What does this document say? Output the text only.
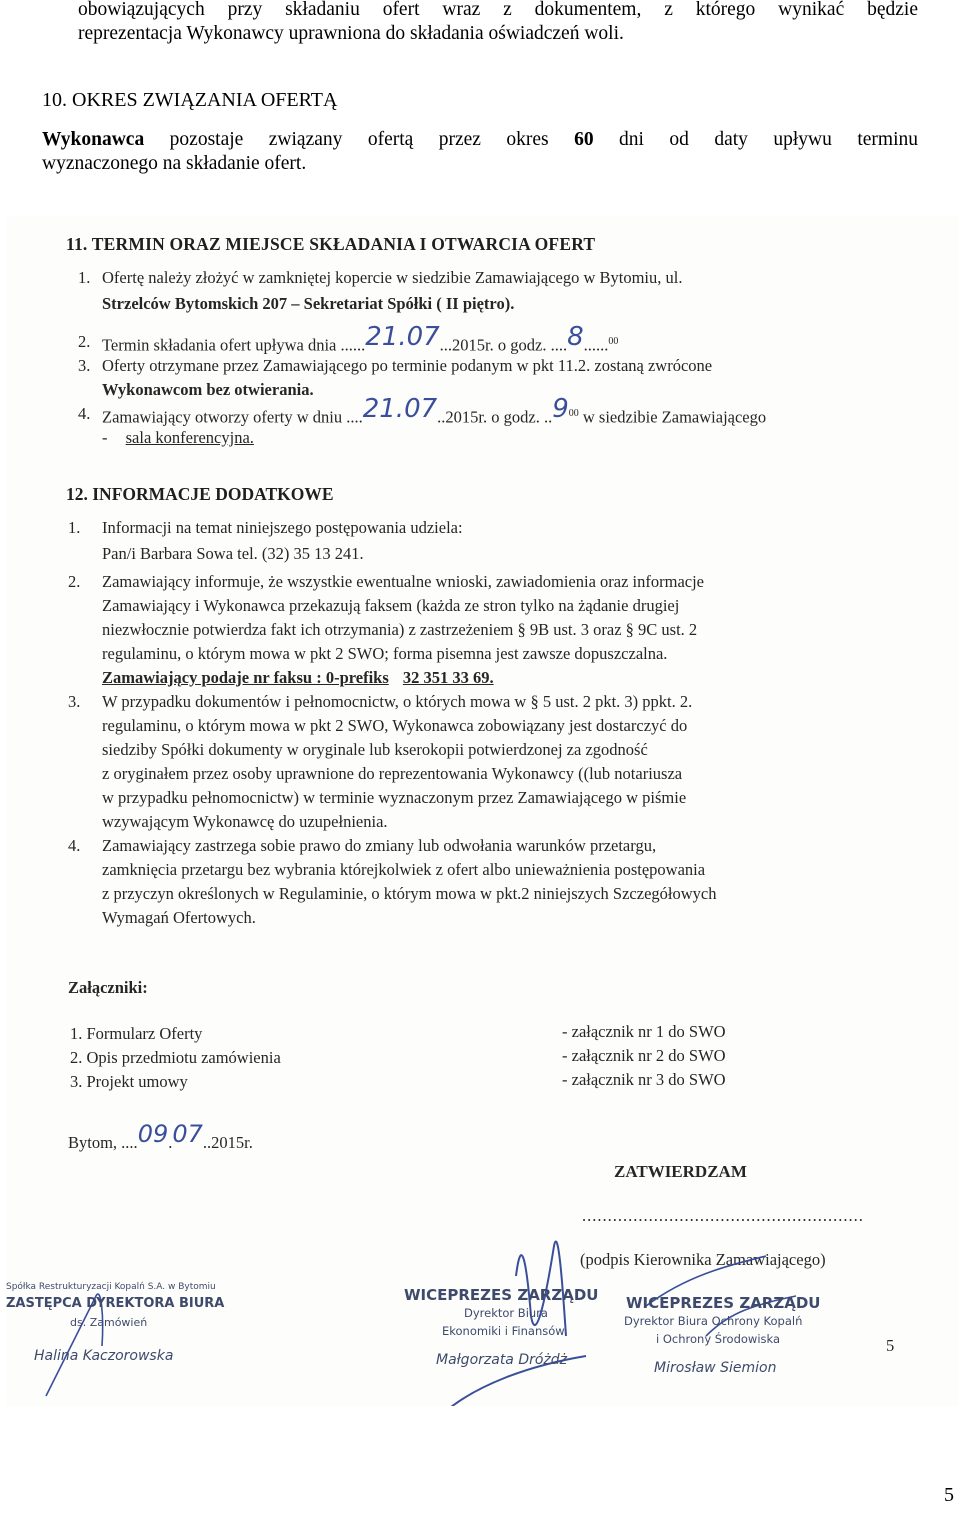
obowiązujących przy składaniu ofert wraz z dokumentem, z którego wynikać będzie

reprezentacja Wykonawcy uprawniona do składania oświadczeń woli.

10. OKRES ZWIĄZANIA OFERTĄ

Wykonawca pozostaje związany ofertą przez okres 60 dni od daty upływu terminu

wyznaczonego na składanie ofert.

11. TERMIN ORAZ MIEJSCE SKŁADANIA I OTWARCIA OFERT
1. Ofertę należy złożyć w zamkniętej kopercie w siedzibie Zamawiającego w Bytomiu, ul.
Strzelców Bytomskich 207 – Sekretariat Spółki ( II piętro).
2. Termin składania ofert upływa dnia ......21.07...2015r. o godz. ....8......$^{00}$
3. Oferty otrzymane przez Zamawiającego po terminie podanym w pkt 11.2. zostaną zwrócone
Wykonawcom bez otwierania.
4. Zamawiający otworzy oferty w dniu ....21.07..2015r. o godz. $..9^{00}$ w siedzibie Zamawiającego
- sala konferencyjna.
12. INFORMACJE DODATKOWE
1. Informacji na temat niniejszego postępowania udziela:
Pan/i Barbara Sowa tel. (32) 35 13 241.
2. Zamawiający informuje, że wszystkie ewentualne wnioski, zawiadomienia oraz informacje
Zamawiający i Wykonawca przekazują faksem (każda ze stron tylko na żądanie drugiej
niezwłocznie potwierdza fakt ich otrzymania) z zastrzeżeniem § 9B ust. 3 oraz § 9C ust. 2
regulaminu, o którym mowa w pkt 2 SWO; forma pisemna jest zawsze dopuszczalna.
Zamawiający podaje nr faksu : 0-prefiks 32 351 33 69.
3. W przypadku dokumentów i pełnomocnictw, o których mowa w § 5 ust. 2 pkt. 3) ppkt. 2.
regulaminu, o którym mowa w pkt 2 SWO, Wykonawca zobowiązany jest dostarczyć do
siedziby Spółki dokumenty w oryginale lub kserokopii potwierdzonej za zgodność
z oryginałem przez osoby uprawnione do reprezentowania Wykonawcy ((lub notariusza
w przypadku pełnomocnictw) w terminie wyznaczonym przez Zamawiającego w piśmie
wzywającym Wykonawcę do uzupełnienia.
4. Zamawiający zastrzega sobie prawo do zmiany lub odwołania warunków przetargu,
zamknięcia przetargu bez wybrania którejkolwiek z ofert albo unieważnienia postępowania
z przyczyn określonych w Regulaminie, o którym mowa w pkt.2 niniejszych Szczegółowych
Wymagań Ofertowych.
Załączniki:
1. Formularz Oferty	- załącznik nr 1 do SWO
2. Opis przedmiotu zamówienia	- załącznik nr 2 do SWO
3. Projekt umowy	- załącznik nr 3 do SWO
Bytom, ....09.07..2015r.
ZATWIERDZAM
.......................................................
(podpis Kierownika Zamawiającego)
Spółka Restrukturyzacji Kopalń S.A. w Bytomiu
ZASTĘPCA DYREKTORA BIURA
ds. Zamówień
Halina Kaczorowska
WICEPREZES ZARZĄDU
Dyrektor Biura
Ekonomiki i Finansów
Małgorzata Dróżdż
WICEPREZES ZARZĄDU
Dyrektor Biura Ochrony Kopalń
i Ochrony Środowiska
Mirosław Siemion
5
5
